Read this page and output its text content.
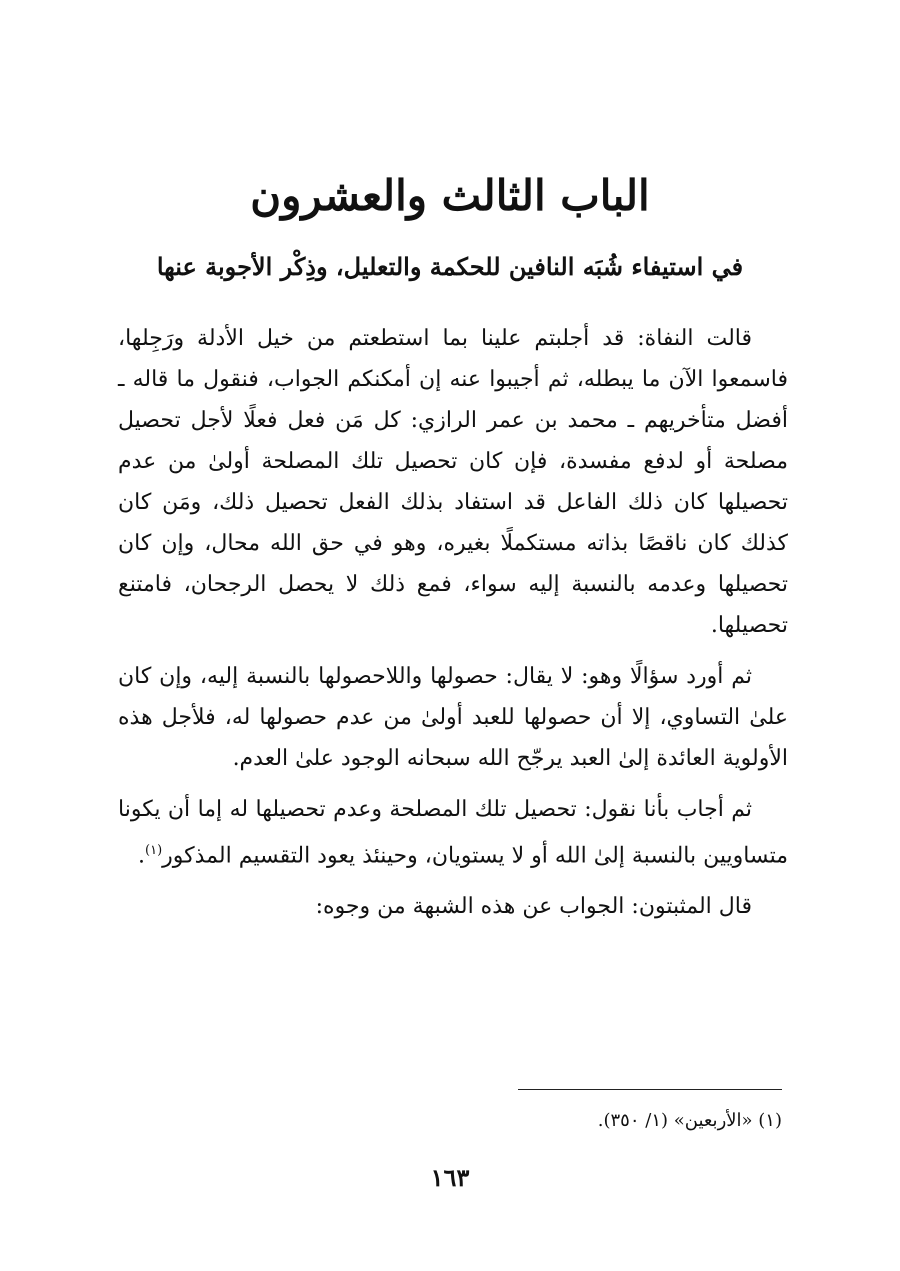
الباب الثالث والعشرون
في استيفاء شُبَه النافين للحكمة والتعليل، وذِكْر الأجوبة عنها

قالت النفاة: قد أجلبتم علينا بما استطعتم من خيل الأدلة ورَجِلها، فاسمعوا الآن ما يبطله، ثم أجيبوا عنه إن أمكنكم الجواب، فنقول ما قاله ـ أفضل متأخريهم ـ محمد بن عمر الرازي: كل مَن فعل فعلًا لأجل تحصيل مصلحة أو لدفع مفسدة، فإن كان تحصيل تلك المصلحة أولىٰ من عدم تحصيلها كان ذلك الفاعل قد استفاد بذلك الفعل تحصيل ذلك، ومَن كان كذلك كان ناقصًا بذاته مستكملًا بغيره، وهو في حق الله محال، وإن كان تحصيلها وعدمه بالنسبة إليه سواء، فمع ذلك لا يحصل الرجحان، فامتنع تحصيلها.

ثم أورد سؤالًا وهو: لا يقال: حصولها واللاحصولها بالنسبة إليه، وإن كان علىٰ التساوي، إلا أن حصولها للعبد أولىٰ من عدم حصولها له، فلأجل هذه الأولوية العائدة إلىٰ العبد يرجّح الله سبحانه الوجود علىٰ العدم.

ثم أجاب بأنا نقول: تحصيل تلك المصلحة وعدم تحصيلها له إما أن يكونا متساويين بالنسبة إلىٰ الله أو لا يستويان، وحينئذ يعود التقسيم المذكور$^{(١)}$.

قال المثبتون: الجواب عن هذه الشبهة من وجوه:

(١) «الأربعين» (١/ ٣٥٠).
١٦٣
